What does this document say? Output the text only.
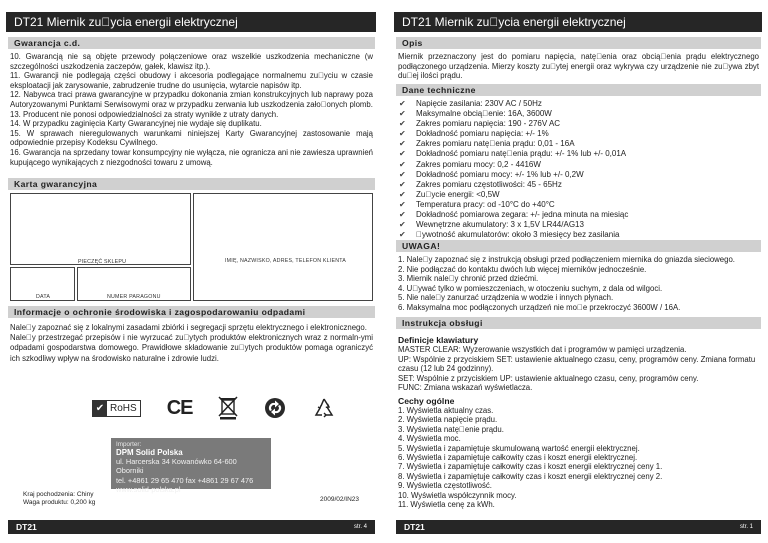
DT21 Miernik zu ycia energii elektrycznej
Gwarancja c.d.

10. Gwarancją nie są objęte przewody połączeniowe oraz wszelkie uszkodzenia mechaniczne (w szczególności uszkodzenia zaczepów, gałek, klawisz itp.).

11. Gwarancji nie podlegają części obudowy i akcesoria podlegające normalnemu zu yciu w czasie eksploatacji jak zarysowanie, zabrudzenie trudne do usunięcia, wytarcie napisów itp.

12. Nabywca traci prawa gwarancyjne w przypadku dokonania zmian konstrukcyjnych lub naprawy poza Autoryzowanymi Punktami Serwisowymi oraz w przypadku zerwania lub uszkodzenia zało onych plomb.

13. Producent nie ponosi odpowiedzialności za straty wynikłe z utraty danych.

14. W przypadku zaginięcia Karty Gwarancyjnej nie wydaje się duplikatu.

15. W sprawach nieregulowanych warunkami niniejszej Karty Gwarancyjnej zastosowanie mają odpowiednie przepisy Kodeksu Cywilnego.

16. Gwarancja na sprzedany towar konsumpcyjny nie wyłącza, nie ogranicza ani nie zawiesza uprawnień kupującego wynikających z niezgodności towaru z umową.

Karta gwarancyjna
PIECZĘĆ SKLEPU
DATA	NUMER PARAGONU
IMIĘ, NAZWISKO, ADRES, TELEFON KLIENTA
Informacje o ochronie środowiska i zagospodarowaniu odpadami

Nale y zapoznać się z lokalnymi zasadami zbiórki i segregacji sprzętu elektrycznego i elektronicznego.

Nale y przestrzegać przepisów i nie wyrzucać zu ytych produktów elektronicznych wraz z normaln-ymi odpadami gospodarstwa domowego. Prawidłowe składowanie zu ytych produktów pomaga ograniczyć ich szkodliwy wpływ na środowisko naturalne i zdrowie ludzi.

✔ RoHS CE
Importer:
DPM Solid Polska
ul. Harcerska 34 Kowanówko 64-600 Oborniki
tel. +4861 29 65 470 fax +4861 29 67 476
www.solid-polska.pl
Kraj pochodzenia: Chiny
Waga produktu: 0,200 kg	2009/02/IN23
DT21	str. 4
DT21 Miernik zu ycia energii elektrycznej
Opis
Miernik przeznaczony jest do pomiaru napięcia, natę enia oraz obcią enia prądu elektrycznego podłączonego urządzenia. Mierzy koszty zu ytej energii oraz wykrywa czy urządzenie nie zu ywa zbyt du ej ilości prądu.
Dane techniczne
✔ Napięcie zasilania: 230V AC / 50Hz
✔ Maksymalne obcią enie: 16A, 3600W
✔ Zakres pomiaru napięcia: 190 - 276V AC
✔ Dokładność pomiaru napięcia: +/- 1%
✔ Zakres pomiaru natę enia prądu: 0,01 - 16A
✔ Dokładność pomiaru natę enia prądu: +/- 1% lub +/- 0,01A
✔ Zakres pomiaru mocy: 0,2 - 4416W
✔ Dokładność pomiaru mocy: +/- 1% lub +/- 0,2W
✔ Zakres pomiaru częstotliwości: 45 - 65Hz
✔ Zu ycie energii: <0,5W
✔ Temperatura pracy: od -10°C do +40°C
✔ Dokładność pomiarowa zegara: +/- jedna minuta na miesiąc
✔ Wewnętrzne akumulatory: 3 x 1,5V LR44/AG13
✔  ywotność akumulatorów: około 3 miesięcy bez zasilania
UWAGA!

1. Nale y zapoznać się z instrukcją obsługi przed podłączeniem miernika do gniazda sieciowego.

2. Nie podłączać do kontaktu dwóch lub więcej mierników jednocześnie.

3. Miernik nale y chronić przed dziećmi.

4. U ywać tylko w pomieszczeniach, w otoczeniu suchym, z dala od wilgoci.

5. Nie nale y zanurzać urządzenia w wodzie i innych płynach.

6. Maksymalna moc podłączonych urządzeń nie mo e przekroczyć 3600W / 16A.

Instrukcja obsługi
Definicje klawiatury

MASTER CLEAR: Wyzerowanie wszystkich dat i programów w pamięci urządzenia.

UP: Wspólnie z przyciskiem SET: ustawienie aktualnego czasu, ceny, programów ceny. Zmiana formatu czasu (12 lub 24 godzinny).

SET: Wspólnie z przyciskiem UP: ustawienie aktualnego czasu, ceny, programów ceny.

FUNC: Zmiana wskazań wyświetlacza.

Cechy ogólne

1. Wyświetla aktualny czas.

2. Wyświetla napięcie prądu.

3. Wyświetla natę enie prądu.

4. Wyświetla moc.

5. Wyświetla i zapamiętuje skumulowaną wartość energii elektrycznej.

6. Wyświetla i zapamiętuje całkowity czas i koszt energii elektrycznej.

7. Wyświetla i zapamiętuje całkowity czas i koszt energii elektrycznej ceny 1.

8. Wyświetla i zapamiętuje całkowity czas i koszt energii elektrycznej ceny 2.

9. Wyświetla częstotliwość.

10. Wyświetla współczynnik mocy.

11. Wyświetla cenę za kWh.

DT21	str. 1
